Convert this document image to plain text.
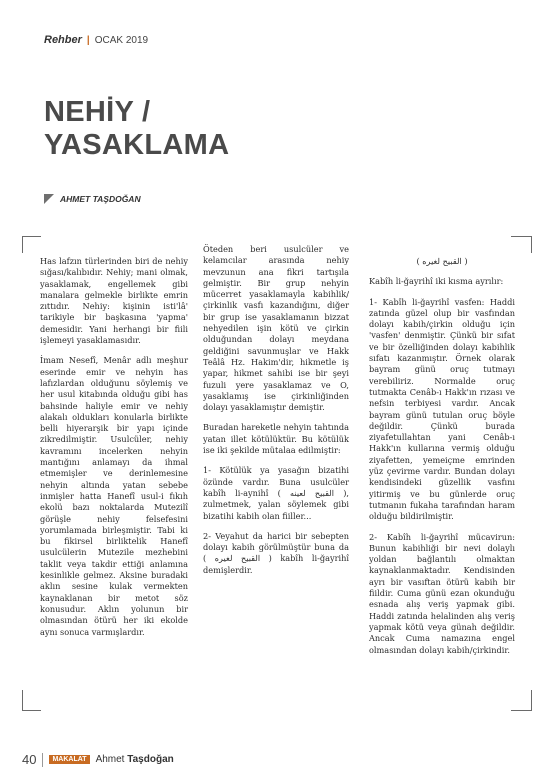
Rehber | OCAK 2019
NEHİY /
YASAKLAMA
AHMET TAŞDOĞAN

Has lafzın türlerinden biri de nehiy sığası/kalıbıdır. Nehiy; mani olmak, yasaklamak, engellemek gibi manalara gelmekle birlikte emrin zıttıdır. Nehiy: kişinin isti'lâ' tarikiyle bir başkasına 'yapma' demesidir. Yani herhangi bir fiili işlemeyi yasaklamasıdır.

İmam Nesefî, Menâr adlı meşhur eserinde emir ve nehyin has lafızlardan olduğunu söylemiş ve her usul kitabında olduğu gibi has bahsinde haliyle emir ve nehiy alakalı oldukları konularla birlikte belli hiyerarşik bir yapı içinde zikredilmiştir. Usulcüler, nehiy kavramını incelerken nehyin mantığını anlamayı da ihmal etmemişler ve derinlemesine nehyin altında yatan sebebe inmişler hatta Hanefî usul-i fıkıh ekolü bazı noktalarda Mutezilî görüşle nehiy felsefesini yorumlamada birleşmiştir. Tabi ki bu fikirsel birliktelik Hanefî usulcülerin Mutezile mezhebini taklit veya takdir ettiği anlamına kesinlikle gelmez. Aksine buradaki aklın sesine kulak vermekten kaynaklanan bir metot söz konusudur. Aklın yolunun bir olmasından ötürü her iki ekolde aynı sonuca varmışlardır.

Öteden beri usulcüler ve kelamcılar arasında nehiy mevzunun ana fikri tartışıla gelmiştir. Bir grup nehyin mücerret yasaklamayla kabihlik/çirkinlik vasfı kazandığını, diğer bir grup ise yasaklamanın bizzat nehyedilen işin kötü ve çirkin olduğundan dolayı meydana geldiğini savunmuşlar ve Hakk Teâlâ Hz. Hakim'dir, hikmetle iş yapar, hikmet sahibi ise bir şeyi fuzuli yere yasaklamaz ve O, yasaklamış ise çirkinliğinden dolayı yasaklamıştır demiştir.

Buradan hareketle nehyin tahtında yatan illet kötülüktür. Bu kötülük ise iki şekilde mütalaa edilmiştir:

1- Kötülük ya yasağın bizatihi özünde vardır. Buna usulcüler kabîh li-aynihî ( القبيح لعينه ), zulmetmek, yalan söylemek gibi bizatihi kabih olan fiiller...

2- Veyahut da harici bir sebepten dolayı kabih görülmüştür buna da ( القبيح لغيره ) kabîh li-ğayrihî demişlerdir.

( القبيح لغيره )

Kabîh li-ğayrihî iki kısma ayrılır:

1- Kabîh li-ğayrihî vasfen: Haddi zatında güzel olup bir vasfından dolayı kabih/çirkin olduğu için 'vasfen' denmiştir. Çünkü bir sıfat ve bir özelliğinden dolayı kabihlik sıfatı kazanmıştır. Örnek olarak bayram günü oruç tutmayı verebiliriz. Normalde oruç tutmakta Cenâb-ı Hakk'ın rızası ve nefsin terbiyesi vardır. Ancak bayram günü tutulan oruç böyle değildir. Çünkü burada ziyafetullahtan yani Cenâb-ı Hakk'ın kullarına vermiş olduğu ziyafetten, yemeiçme emrinden yüz çevirme vardır. Bundan dolayı kendisindeki güzellik vasfını yitirmiş ve bu günlerde oruç tutmanın fukaha tarafından haram olduğu bildirilmiştir.

2- Kabîh li-ğayrihî mücavirun: Bunun kabihliği bir nevi dolaylı yoldan bağlantılı olmaktan kaynaklanmaktadır. Kendisinden ayrı bir vasıftan ötürü kabih bir fiildir. Cuma günü ezan okunduğu esnada alış veriş yapmak gibi. Haddi zatında helalinden alış veriş yapmak kötü veya günah değildir. Ancak Cuma namazına engel olmasından dolayı kabih/çirkindir.

40	MAKALAT Ahmet Taşdoğan
